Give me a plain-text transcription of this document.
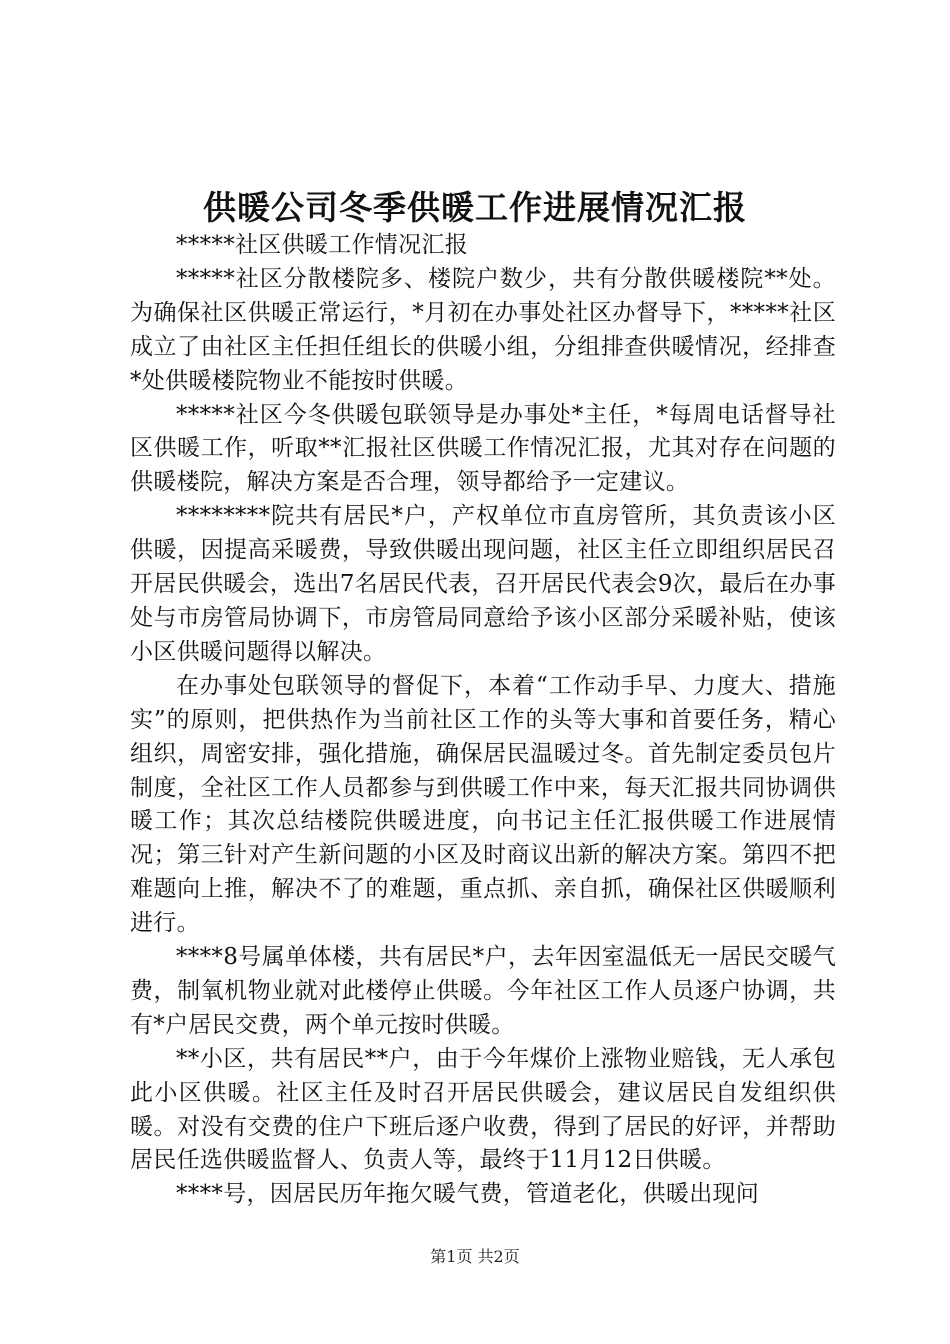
供暖公司冬季供暖工作进展情况汇报

*****社区供暖工作情况汇报

*****社区分散楼院多、楼院户数少，共有分散供暖楼院**处。为确保社区供暖正常运行，*月初在办事处社区办督导下，*****社区成立了由社区主任担任组长的供暖小组，分组排查供暖情况，经排查*处供暖楼院物业不能按时供暖。

*****社区今冬供暖包联领导是办事处*主任，*每周电话督导社区供暖工作，听取**汇报社区供暖工作情况汇报，尤其对存在问题的供暖楼院，解决方案是否合理，领导都给予一定建议。

********院共有居民*户，产权单位市直房管所，其负责该小区供暖，因提高采暖费，导致供暖出现问题，社区主任立即组织居民召开居民供暖会，选出7名居民代表，召开居民代表会9次，最后在办事处与市房管局协调下，市房管局同意给予该小区部分采暖补贴，使该小区供暖问题得以解决。

在办事处包联领导的督促下，本着“工作动手早、力度大、措施实”的原则，把供热作为当前社区工作的头等大事和首要任务，精心组织，周密安排，强化措施，确保居民温暖过冬。首先制定委员包片制度，全社区工作人员都参与到供暖工作中来，每天汇报共同协调供暖工作；其次总结楼院供暖进度，向书记主任汇报供暖工作进展情况；第三针对产生新问题的小区及时商议出新的解决方案。第四不把难题向上推，解决不了的难题，重点抓、亲自抓，确保社区供暖顺利进行。

****8号属单体楼，共有居民*户，去年因室温低无一居民交暖气费，制氧机物业就对此楼停止供暖。今年社区工作人员逐户协调，共有*户居民交费，两个单元按时供暖。

**小区，共有居民**户，由于今年煤价上涨物业赔钱，无人承包此小区供暖。社区主任及时召开居民供暖会，建议居民自发组织供暖。对没有交费的住户下班后逐户收费，得到了居民的好评，并帮助居民任选供暖监督人、负责人等，最终于11月12日供暖。

****号，因居民历年拖欠暖气费，管道老化，供暖出现问

第1页 共2页
